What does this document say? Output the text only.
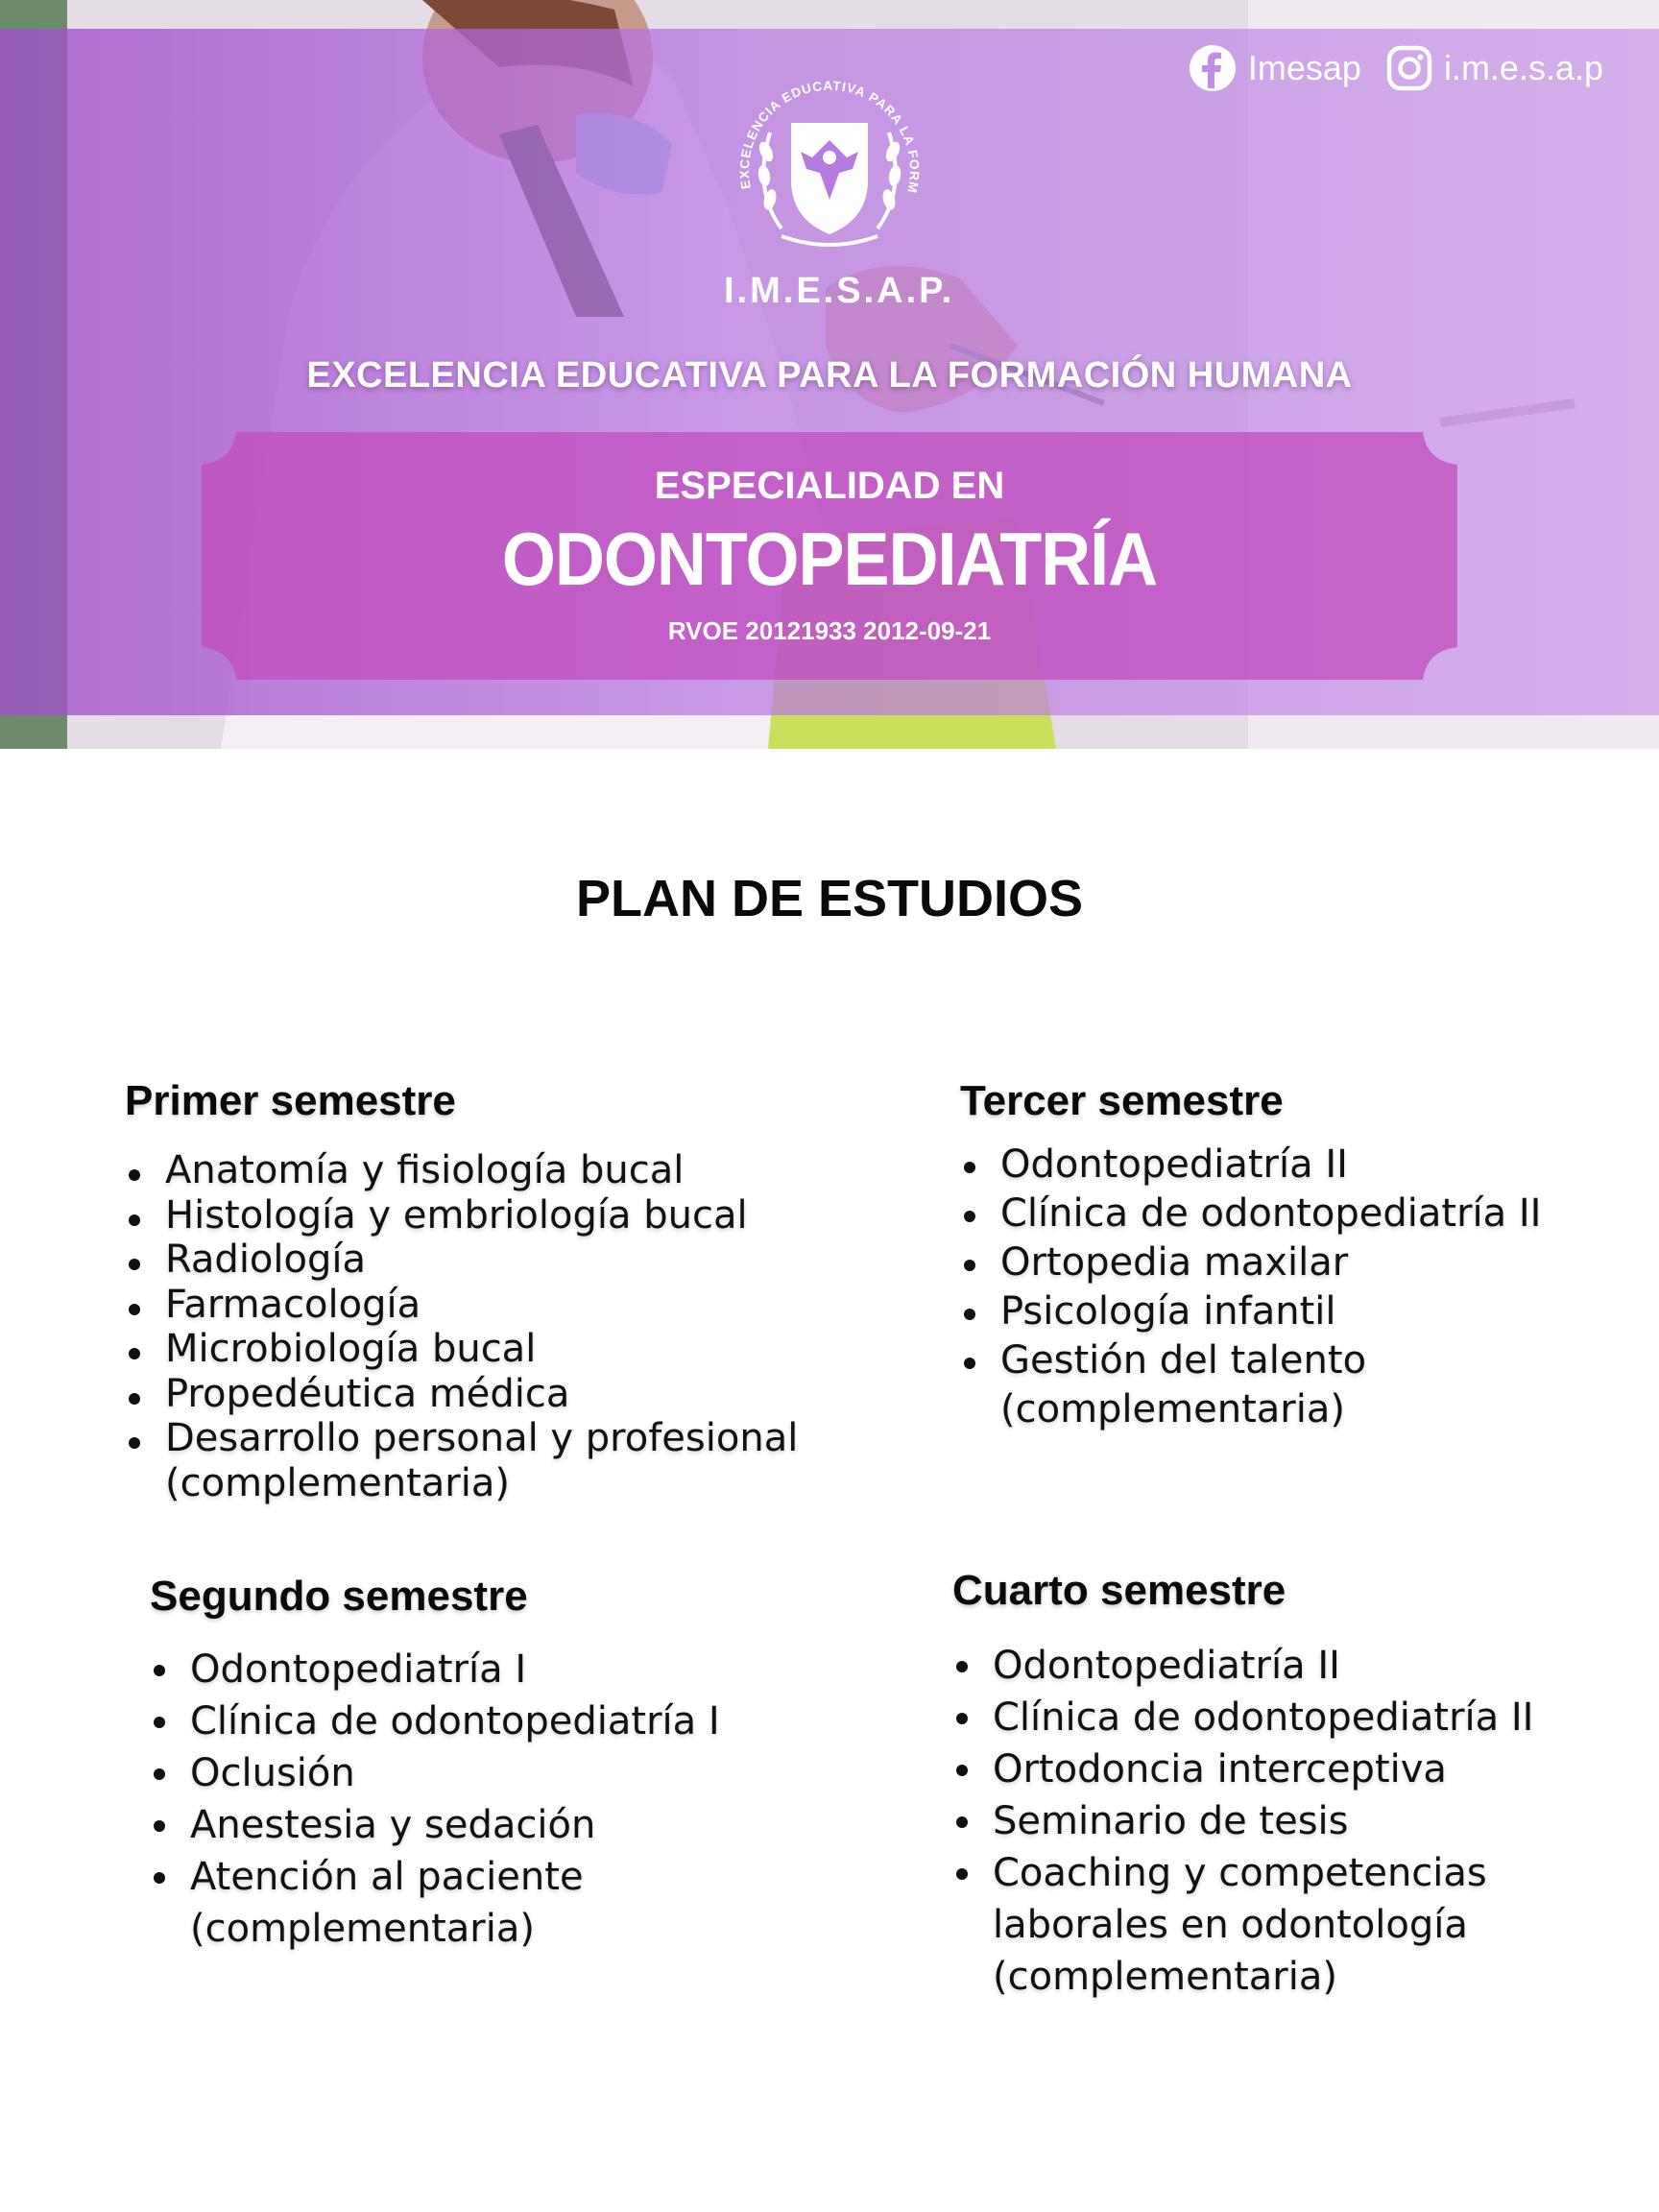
Imesap i.m.e.s.a.p
EXCELENCIA EDUCATIVA PARA LA FORM
I.M.E.S.A.P.
EXCELENCIA EDUCATIVA PARA LA FORMACIÓN HUMANA
ESPECIALIDAD EN
ODONTOPEDIATRÍA
RVOE 20121933 2012-09-21
PLAN DE ESTUDIOS
Primer semestre
Anatomía y fisiología bucal
Histología y embriología bucal
Radiología
Farmacología
Microbiología bucal
Propedéutica médica
Desarrollo personal y profesional (complementaria)
Segundo semestre
Odontopediatría I
Clínica de odontopediatría I
Oclusión
Anestesia y sedación
Atención al paciente (complementaria)
Tercer semestre
Odontopediatría II
Clínica de odontopediatría II
Ortopedia maxilar
Psicología infantil
Gestión del talento (complementaria)
Cuarto semestre
Odontopediatría II
Clínica de odontopediatría II
Ortodoncia interceptiva
Seminario de tesis
Coaching y competencias laborales en odontología (complementaria)
